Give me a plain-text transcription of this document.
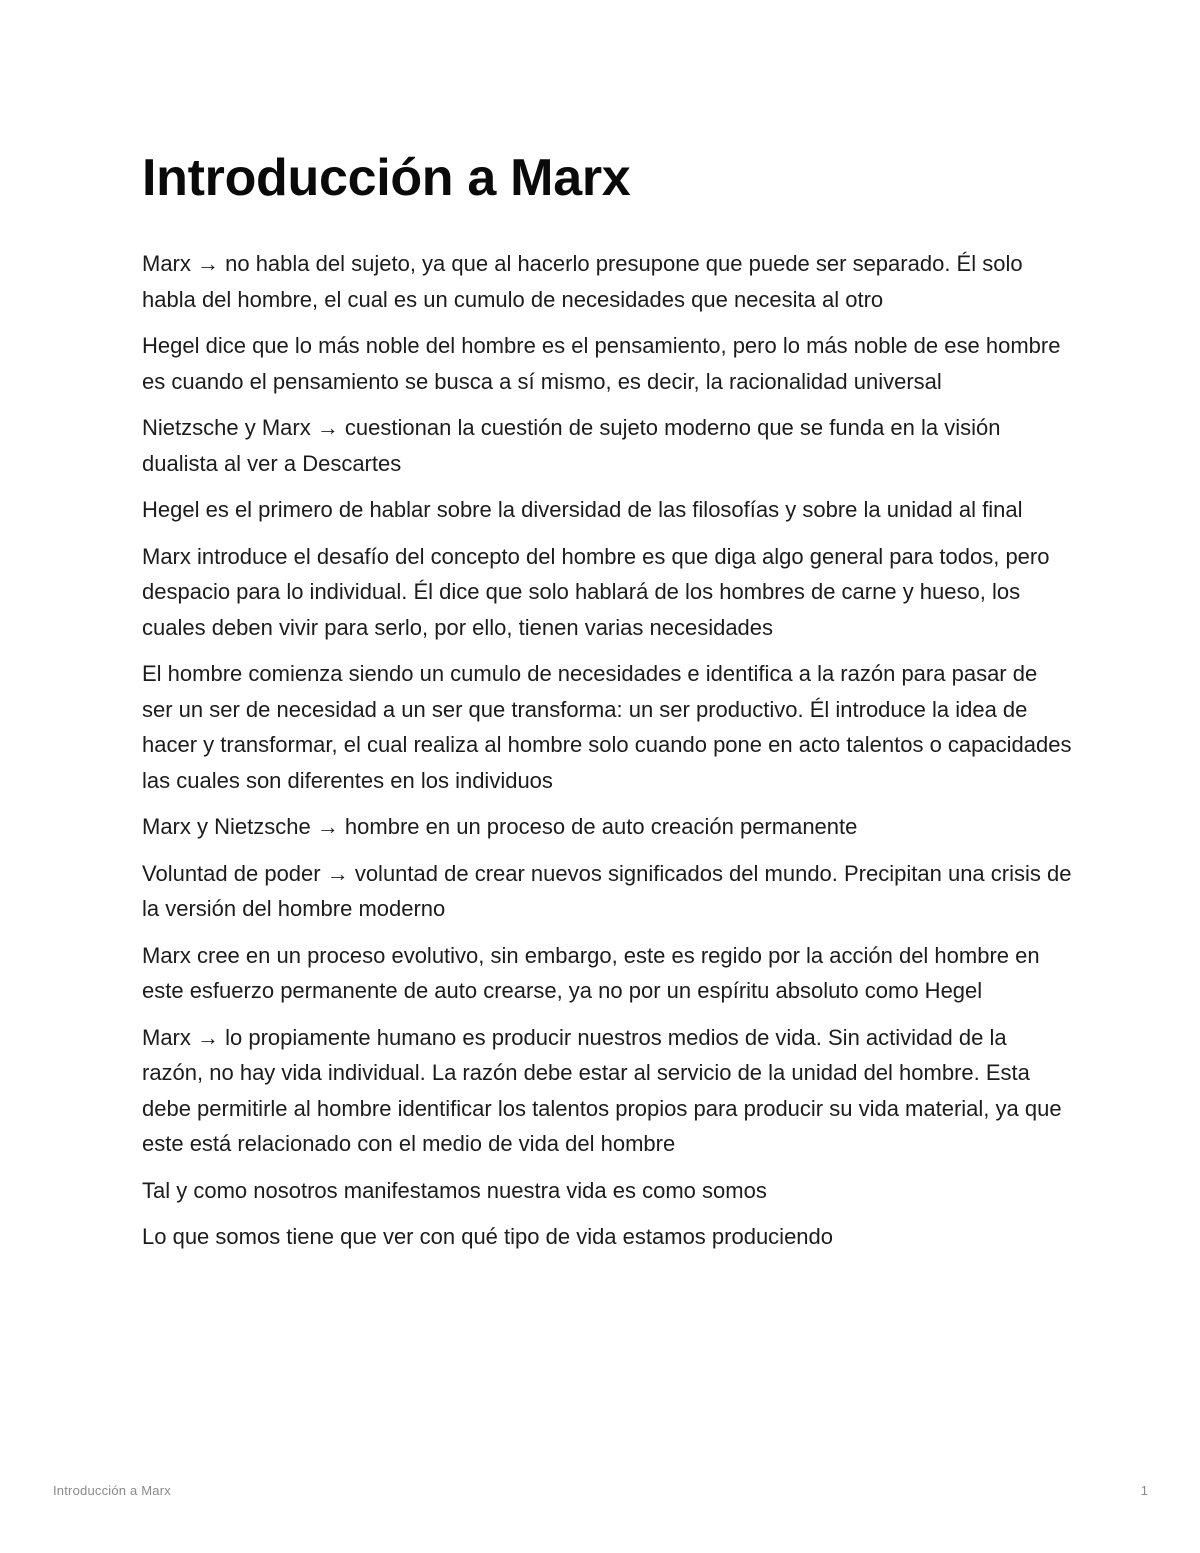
Introducción a Marx

Marx → no habla del sujeto, ya que al hacerlo presupone que puede ser separado. Él solo habla del hombre, el cual es un cumulo de necesidades que necesita al otro

Hegel dice que lo más noble del hombre es el pensamiento, pero lo más noble de ese hombre es cuando el pensamiento se busca a sí mismo, es decir, la racionalidad universal

Nietzsche y Marx → cuestionan la cuestión de sujeto moderno que se funda en la visión dualista al ver a Descartes

Hegel es el primero de hablar sobre la diversidad de las filosofías y sobre la unidad al final

Marx introduce el desafío del concepto del hombre es que diga algo general para todos, pero despacio para lo individual. Él dice que solo hablará de los hombres de carne y hueso, los cuales deben vivir para serlo, por ello, tienen varias necesidades

El hombre comienza siendo un cumulo de necesidades e identifica a la razón para pasar de ser un ser de necesidad a un ser que transforma: un ser productivo. Él introduce la idea de hacer y transformar, el cual realiza al hombre solo cuando pone en acto talentos o capacidades las cuales son diferentes en los individuos

Marx y Nietzsche → hombre en un proceso de auto creación permanente

Voluntad de poder → voluntad de crear nuevos significados del mundo. Precipitan una crisis de la versión del hombre moderno

Marx cree en un proceso evolutivo, sin embargo, este es regido por la acción del hombre en este esfuerzo permanente de auto crearse, ya no por un espíritu absoluto como Hegel

Marx → lo propiamente humano es producir nuestros medios de vida. Sin actividad de la razón, no hay vida individual. La razón debe estar al servicio de la unidad del hombre. Esta debe permitirle al hombre identificar los talentos propios para producir su vida material, ya que este está relacionado con el medio de vida del hombre

Tal y como nosotros manifestamos nuestra vida es como somos

Lo que somos tiene que ver con qué tipo de vida estamos produciendo

Introducción a Marx	1
